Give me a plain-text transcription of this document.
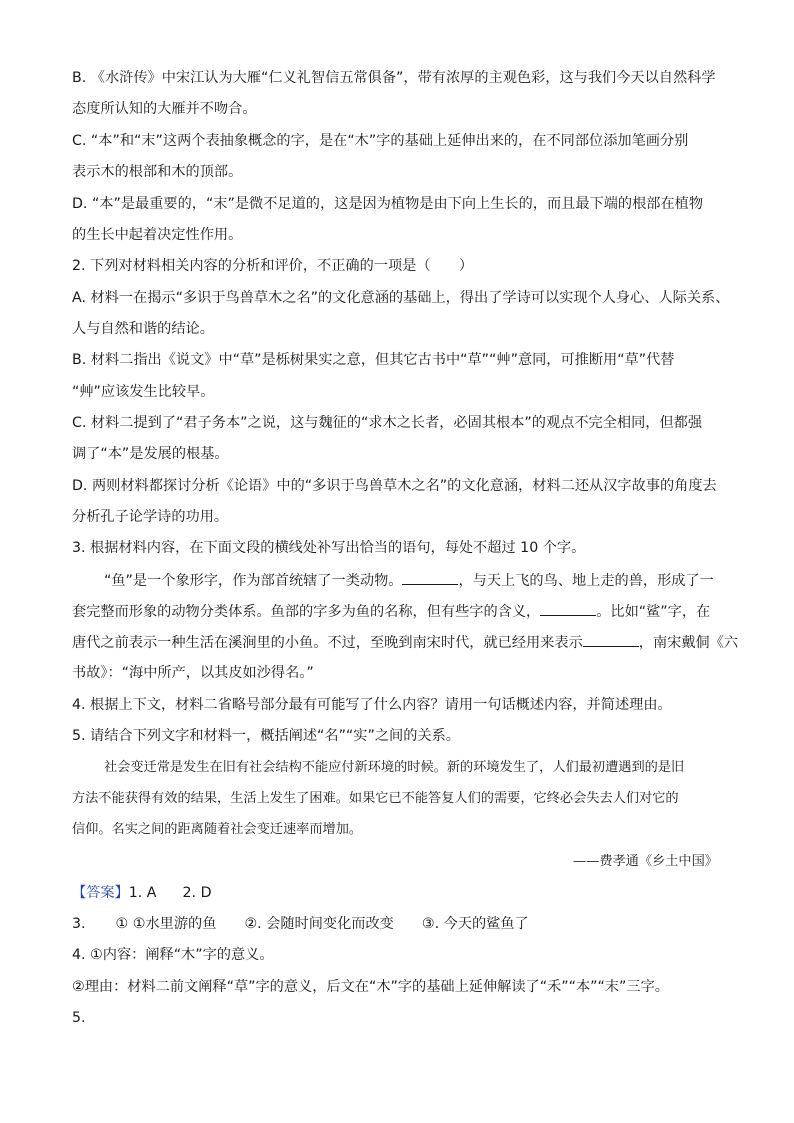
B. 《水浒传》中宋江认为大雁“仁义礼智信五常俱备”，带有浓厚的主观色彩，这与我们今天以自然科学
态度所认知的大雁并不吻合。
C. “本”和“末”这两个表抽象概念的字，是在“木”字的基础上延伸出来的，在不同部位添加笔画分别
表示木的根部和木的顶部。
D. “本”是最重要的，“末”是微不足道的，这是因为植物是由下向上生长的，而且最下端的根部在植物
的生长中起着决定性作用。
2. 下列对材料相关内容的分析和评价，不正确的一项是（　　）
A. 材料一在揭示“多识于鸟兽草木之名”的文化意涵的基础上，得出了学诗可以实现个人身心、人际关系、
人与自然和谐的结论。
B. 材料二指出《说文》中“草”是栎树果实之意，但其它古书中“草”“艸”意同，可推断用“草”代替
“艸”应该发生比较早。
C. 材料二提到了“君子务本”之说，这与魏征的“求木之长者，必固其根本”的观点不完全相同，但都强
调了“本”是发展的根基。
D. 两则材料都探讨分析《论语》中的“多识于鸟兽草木之名”的文化意涵，材料二还从汉字故事的角度去
分析孔子论学诗的功用。
3. 根据材料内容，在下面文段的横线处补写出恰当的语句，每处不超过 10 个字。
“鱼”是一个象形字，作为部首统辖了一类动物。	，与天上飞的鸟、地上走的兽，形成了一
套完整而形象的动物分类体系。鱼部的字多为鱼的名称，但有些字的含义，	。比如“鲨”字，在
唐代之前表示一种生活在溪涧里的小鱼。不过，至晚到南宋时代，就已经用来表示	，南宋戴侗《六
书故》：“海中所产，以其皮如沙得名。”
4. 根据上下文，材料二省略号部分最有可能写了什么内容？请用一句话概述内容，并简述理由。
5. 请结合下列文字和材料一，概括阐述“名”“实”之间的关系。
社会变迁常是发生在旧有社会结构不能应付新环境的时候。新的环境发生了，人们最初遭遇到的是旧
方法不能获得有效的结果，生活上发生了困难。如果它已不能答复人们的需要，它终必会失去人们对它的
信仰。名实之间的距离随着社会变迁速率而增加。
——费孝通《乡土中国》
【答案】1. A 2. D
3. ① ①水里游的鱼 ②. 会随时间变化而改变 ③. 今天的鲨鱼了
4. ①内容：阐释“木”字的意义。
②理由：材料二前文阐释“草”字的意义，后文在“木”字的基础上延伸解读了“禾”“本”“末”三字。
5.
